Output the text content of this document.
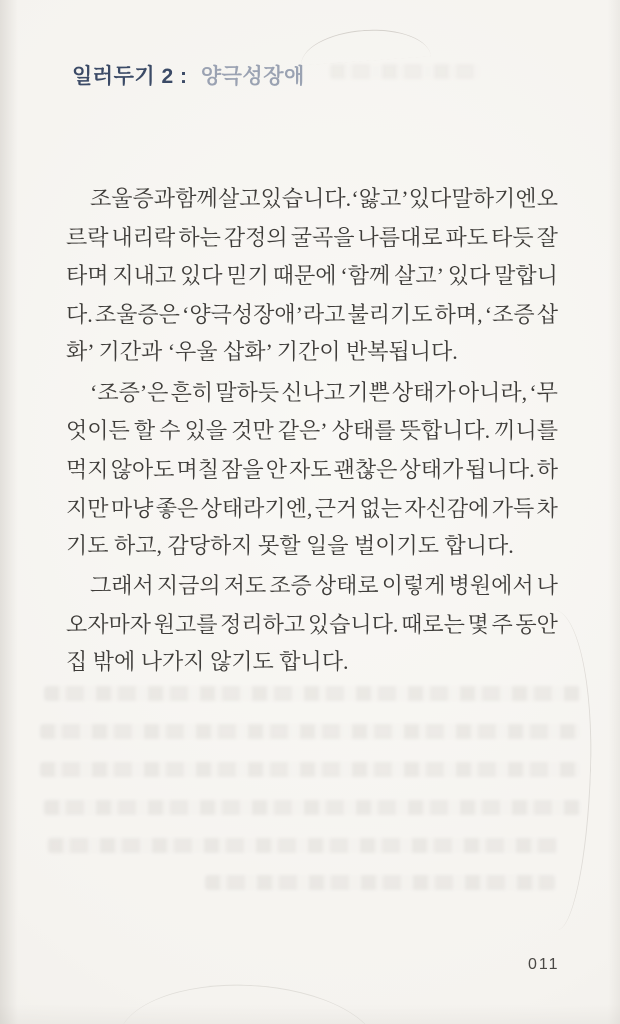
일러두기 2 : 양극성장애
조울증과 함께 살고 있습니다. ‘앓고’ 있다 말하기엔 오
르락 내리락 하는 감정의 굴곡을 나름대로 파도 타듯 잘
타며 지내고 있다 믿기 때문에 ‘함께 살고’ 있다 말합니
다. 조울증은 ‘양극성장애’라고 불리기도 하며, ‘조증 삽
화’ 기간과 ‘우울 삽화’ 기간이 반복됩니다.
‘조증’은 흔히 말하듯 신나고 기쁜 상태가 아니라, ‘무
엇이든 할 수 있을 것만 같은’ 상태를 뜻합니다. 끼니를
먹지 않아도 며칠 잠을 안 자도 괜찮은 상태가 됩니다. 하
지만 마냥 좋은 상태라기엔, 근거 없는 자신감에 가득 차
기도 하고, 감당하지 못할 일을 벌이기도 합니다.
그래서 지금의 저도 조증 상태로 이렇게 병원에서 나
오자마자 원고를 정리하고 있습니다. 때로는 몇 주 동안
집 밖에 나가지 않기도 합니다.
011
